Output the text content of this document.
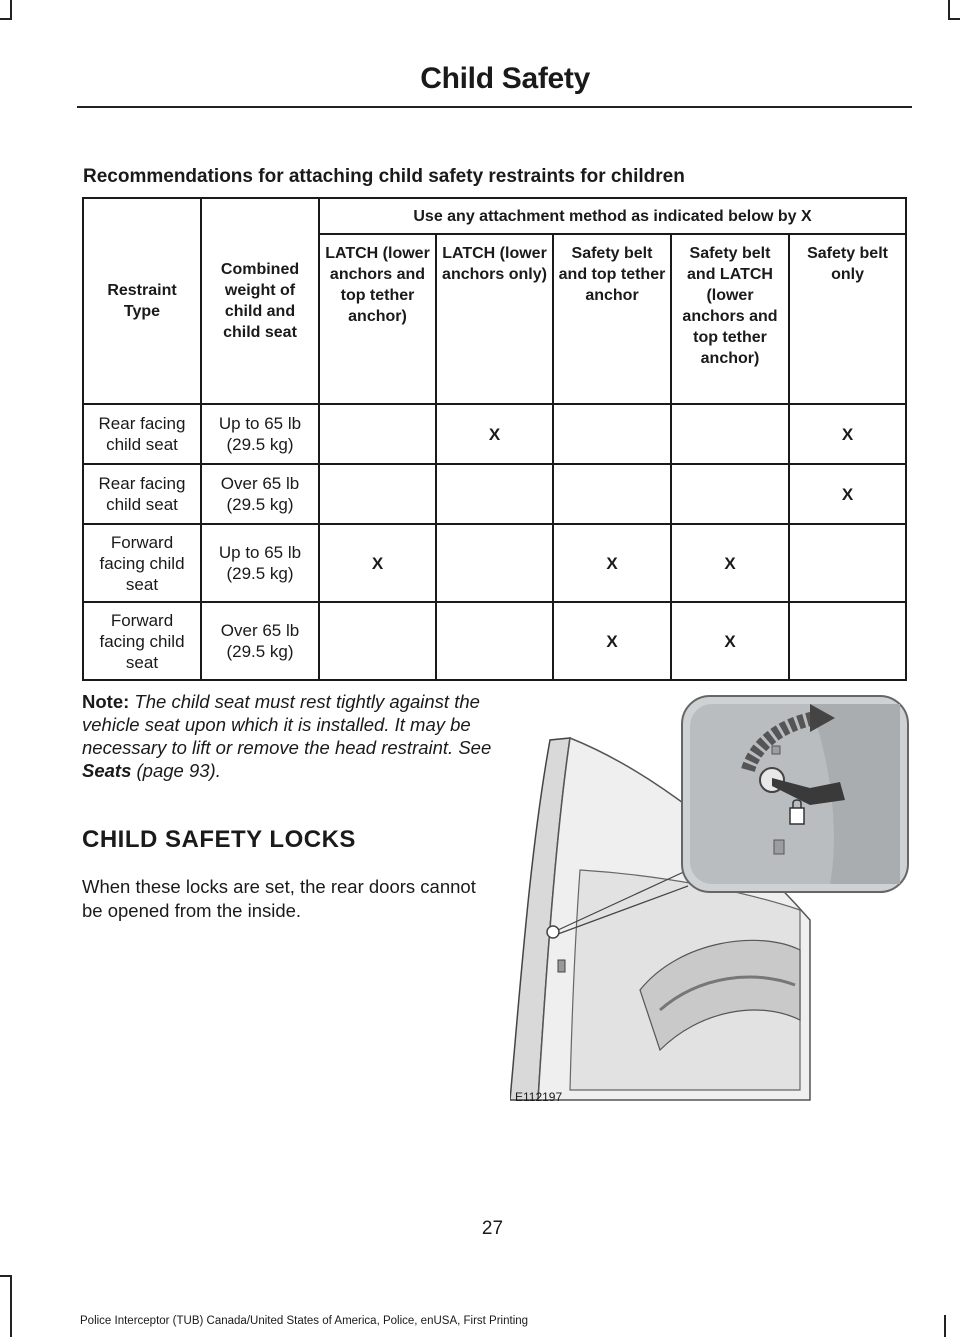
Child Safety
Recommendations for attaching child safety restraints for children
Restraint Type	Combined weight of child and child seat	Use any attachment method as indicated below by X				
		LATCH (lower anchors and top tether anchor)	LATCH (lower anchors only)	Safety belt and top tether anchor	Safety belt and LATCH (lower anchors and top tether anchor)	Safety belt only
Rear facing child seat	Up to 65 lb (29.5 kg)		X			X
Rear facing child seat	Over 65 lb (29.5 kg)					X
Forward facing child seat	Up to 65 lb (29.5 kg)	X		X	X	
Forward facing child seat	Over 65 lb (29.5 kg)			X	X	
Note: The child seat must rest tightly against the vehicle seat upon which it is installed. It may be necessary to lift or remove the head restraint. See Seats (page 93).
CHILD SAFETY LOCKS
When these locks are set, the rear doors cannot be opened from the inside.
E112197
27
Police Interceptor (TUB) Canada/United States of America, Police, enUSA, First Printing
